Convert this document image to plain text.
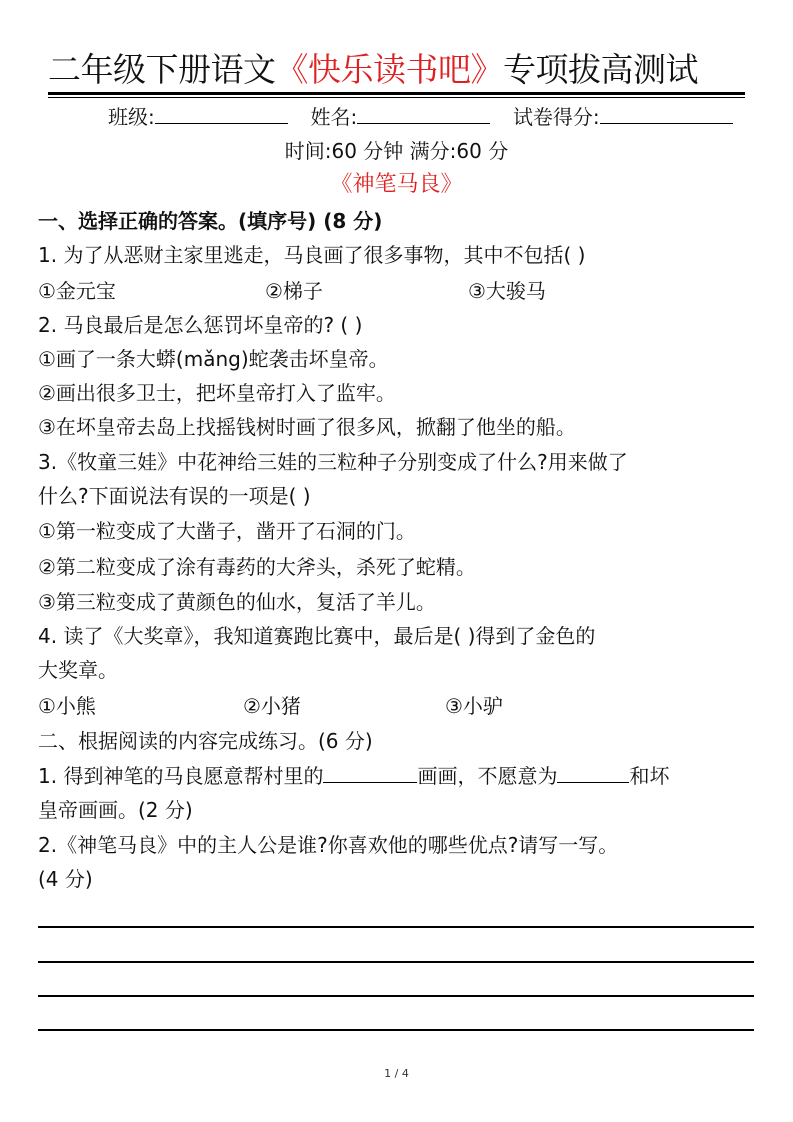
二年级下册语文《快乐读书吧》专项拔高测试
班级:	姓名:	试卷得分:
时间:60 分钟 满分:60 分
《神笔马良》
一、选择正确的答案。(填序号) (8 分)
1. 为了从恶财主家里逃走，马良画了很多事物，其中不包括( )
①金元宝	②梯子	③大骏马
2. 马良最后是怎么惩罚坏皇帝的? ( )
①画了一条大蟒(mǎng)蛇袭击坏皇帝。
②画出很多卫士，把坏皇帝打入了监牢。
③在坏皇帝去岛上找摇钱树时画了很多风，掀翻了他坐的船。
3.《牧童三娃》中花神给三娃的三粒种子分别变成了什么?用来做了
什么?下面说法有误的一项是( )
①第一粒变成了大凿子，凿开了石洞的门。
②第二粒变成了涂有毒药的大斧头，杀死了蛇精。
③第三粒变成了黄颜色的仙水，复活了羊儿。
4. 读了《大奖章》，我知道赛跑比赛中，最后是( )得到了金色的
大奖章。
①小熊	②小猪	③小驴
二、根据阅读的内容完成练习。(6 分)
1. 得到神笔的马良愿意帮村里的	画画，不愿意为	和坏
皇帝画画。(2 分)
2.《神笔马良》中的主人公是谁?你喜欢他的哪些优点?请写一写。
(4 分)
1 / 4
